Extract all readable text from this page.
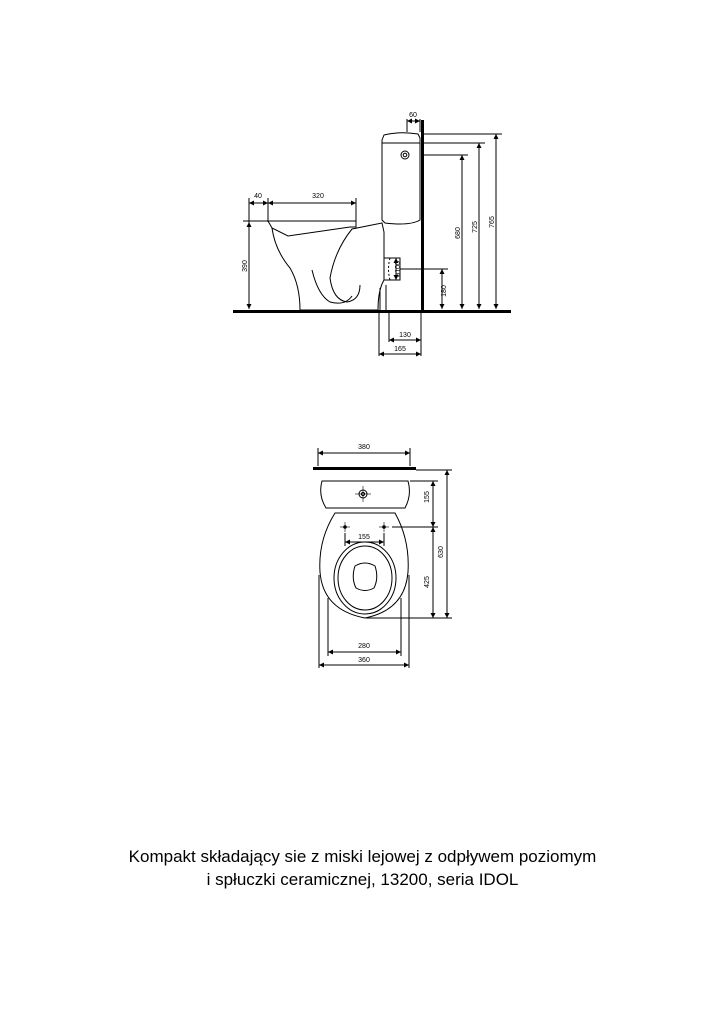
60
40	320
390	ø100
180
680
725 765
130
165
380
155
155
425
630
280
360
Kompakt składający sie z miski lejowej z odpływem poziomym
i spłuczki ceramicznej, 13200, seria IDOL
